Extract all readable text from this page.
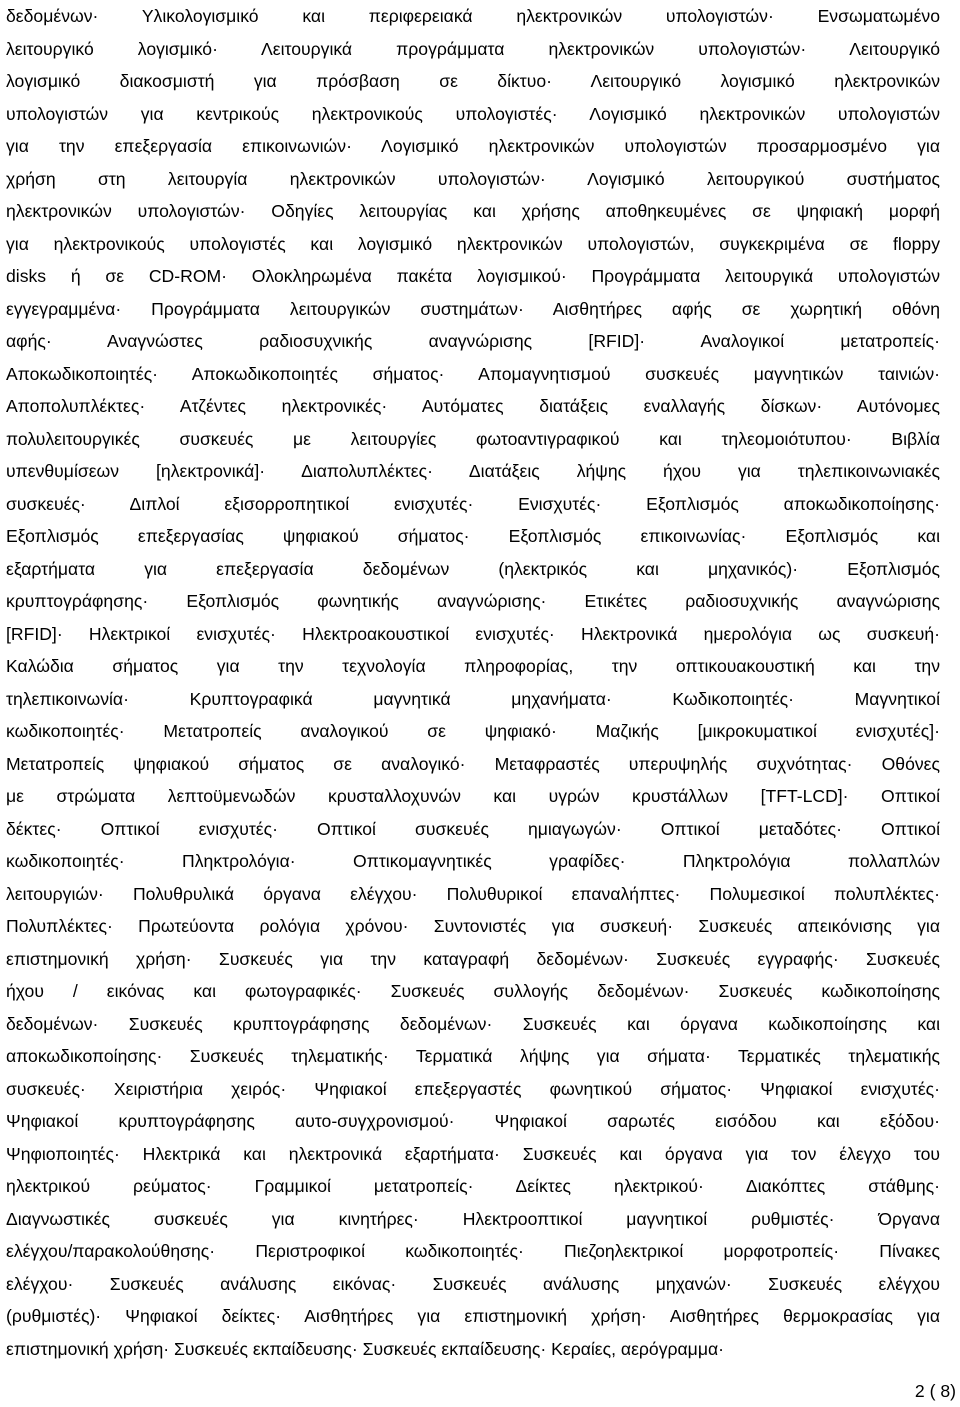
δεδομένων· Υλικολογισμικό και περιφερειακά ηλεκτρονικών υπολογιστών· Ενσωματωμένο
λειτουργικό λογισμικό· Λειτουργικά προγράμματα ηλεκτρονικών υπολογιστών· Λειτουργικό
λογισμικό διακοσμιστή για πρόσβαση σε δίκτυο· Λειτουργικό λογισμικό ηλεκτρονικών
υπολογιστών για κεντρικούς ηλεκτρονικούς υπολογιστές· Λογισμικό ηλεκτρονικών υπολογιστών
για την επεξεργασία επικοινωνιών· Λογισμικό ηλεκτρονικών υπολογιστών προσαρμοσμένο για
χρήση στη λειτουργία ηλεκτρονικών υπολογιστών· Λογισμικό λειτουργικού συστήματος
ηλεκτρονικών υπολογιστών· Οδηγίες λειτουργίας και χρήσης αποθηκευμένες σε ψηφιακή μορφή
για ηλεκτρονικούς υπολογιστές και λογισμικό ηλεκτρονικών υπολογιστών, συγκεκριμένα σε floppy
disks ή σε CD-ROM· Ολοκληρωμένα πακέτα λογισμικού· Προγράμματα λειτουργικά υπολογιστών
εγγεγραμμένα· Προγράμματα λειτουργικών συστημάτων· Αισθητήρες αφής σε χωρητική οθόνη
αφής· Αναγνώστες ραδιοσυχνικής αναγνώρισης [RFID]· Αναλογικοί μετατροπείς·
Αποκωδικοποιητές· Αποκωδικοποιητές σήματος· Απομαγνητισμού συσκευές μαγνητικών ταινιών·
Αποπολυπλέκτες· Ατζέντες ηλεκτρονικές· Αυτόματες διατάξεις εναλλαγής δίσκων· Αυτόνομες
πολυλειτουργικές συσκευές με λειτουργίες φωτοαντιγραφικού και τηλεομοιότυπου· Βιβλία
υπενθυμίσεων [ηλεκτρονικά]· Διαπολυπλέκτες· Διατάξεις λήψης ήχου για τηλεπικοινωνιακές
συσκευές· Διπλοί εξισορροπητικοί ενισχυτές· Ενισχυτές· Εξοπλισμός αποκωδικοποίησης·
Εξοπλισμός επεξεργασίας ψηφιακού σήματος· Εξοπλισμός επικοινωνίας· Εξοπλισμός και
εξαρτήματα για επεξεργασία δεδομένων (ηλεκτρικός και μηχανικός)· Εξοπλισμός
κρυπτογράφησης· Εξοπλισμός φωνητικής αναγνώρισης· Ετικέτες ραδιοσυχνικής αναγνώρισης
[RFID]· Ηλεκτρικοί ενισχυτές· Ηλεκτροακουστικοί ενισχυτές· Ηλεκτρονικά ημερολόγια ως συσκευή·
Καλώδια σήματος για την τεχνολογία πληροφορίας, την οπτικουακουστική και την
τηλεπικοινωνία· Κρυπτογραφικά μαγνητικά μηχανήματα· Κωδικοποιητές· Μαγνητικοί
κωδικοποιητές· Μετατροπείς αναλογικού σε ψηφιακό· Μαζικής [μικροκυματικοί ενισχυτές]·
Μετατροπείς ψηφιακού σήματος σε αναλογικό· Μεταφραστές υπερυψηλής συχνότητας· Οθόνες
με στρώματα λεπτοϋμενωδών κρυσταλλοχυνών και υγρών κρυστάλλων [TFT-LCD]· Οπτικοί
δέκτες· Οπτικοί ενισχυτές· Οπτικοί συσκευές ημιαγωγών· Οπτικοί μεταδότες· Οπτικοί
κωδικοποιητές· Πληκτρολόγια· Οπτικομαγνητικές γραφίδες· Πληκτρολόγια πολλαπλών
λειτουργιών· Πολυθρυλικά όργανα ελέγχου· Πολυθυρικοί επαναλήπτες· Πολυμεσικοί πολυπλέκτες·
Πολυπλέκτες· Πρωτεύοντα ρολόγια χρόνου· Συντονιστές για συσκευή· Συσκευές απεικόνισης για
επιστημονική χρήση· Συσκευές για την καταγραφή δεδομένων· Συσκευές εγγραφής· Συσκευές
ήχου / εικόνας και φωτογραφικές· Συσκευές συλλογής δεδομένων· Συσκευές κωδικοποίησης
δεδομένων· Συσκευές κρυπτογράφησης δεδομένων· Συσκευές και όργανα κωδικοποίησης και
αποκωδικοποίησης· Συσκευές τηλεματικής· Τερματικά λήψης για σήματα· Τερματικές τηλεματικής
συσκευές· Χειριστήρια χειρός· Ψηφιακοί επεξεργαστές φωνητικού σήματος· Ψηφιακοί ενισχυτές·
Ψηφιακοί κρυπτογράφησης αυτο-συγχρονισμού· Ψηφιακοί σαρωτές εισόδου και εξόδου·
Ψηφιοποιητές· Ηλεκτρικά και ηλεκτρονικά εξαρτήματα· Συσκευές και όργανα για τον έλεγχο του
ηλεκτρικού ρεύματος· Γραμμικοί μετατροπείς· Δείκτες ηλεκτρικού· Διακόπτες στάθμης·
Διαγνωστικές συσκευές για κινητήρες· Ηλεκτροοπτικοί μαγνητικοί ρυθμιστές· Όργανα
ελέγχου/παρακολούθησης· Περιστροφικοί κωδικοποιητές· Πιεζοηλεκτρικοί μορφοτροπείς· Πίνακες
ελέγχου· Συσκευές ανάλυσης εικόνας· Συσκευές ανάλυσης μηχανών· Συσκευές ελέγχου
(ρυθμιστές)· Ψηφιακοί δείκτες· Αισθητήρες για επιστημονική χρήση· Αισθητήρες θερμοκρασίας για
επιστημονική χρήση· Συσκευές εκπαίδευσης· Συσκευές εκπαίδευσης· Κεραίες, αερόγραμμα·
2 ( 8)
